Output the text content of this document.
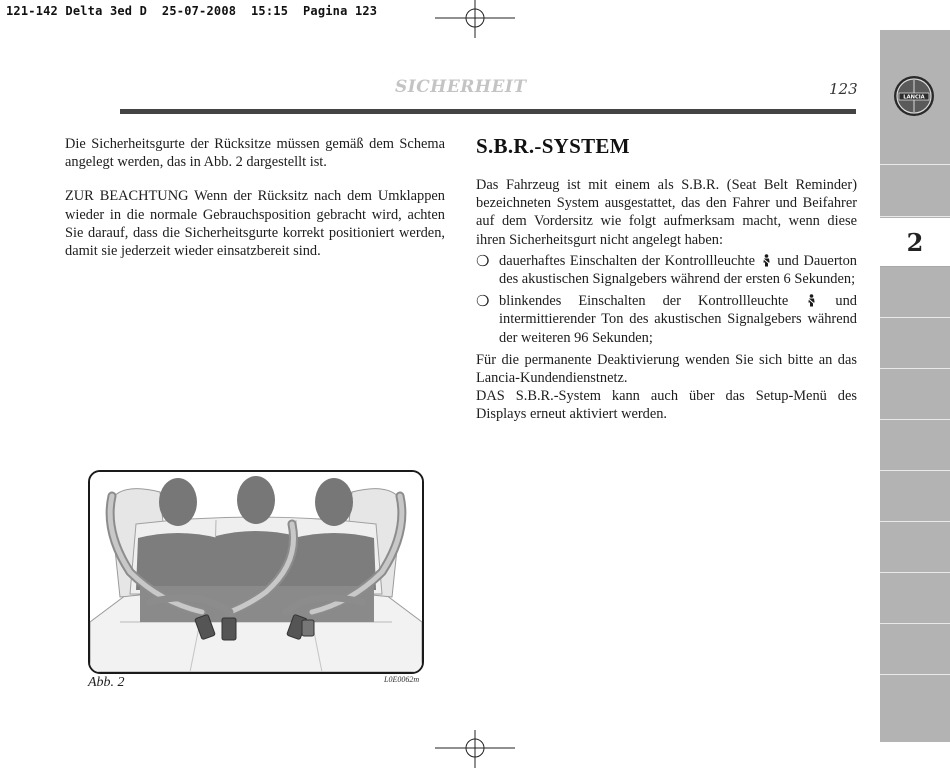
121-142 Delta 3ed D  25-07-2008  15:15  Pagina 123
2
LANCIA
SICHERHEIT	123

Die Sicherheitsgurte der Rücksitze müssen gemäß dem Schema angelegt werden, das in Abb. 2 dargestellt ist.

ZUR BEACHTUNG Wenn der Rücksitz nach dem Umklappen wieder in die normale Gebrauchsposition gebracht wird, achten Sie darauf, dass die Sicherheitsgurte korrekt positioniert werden, damit sie jederzeit wieder einsatzbereit sind.

S.B.R.-SYSTEM

Das Fahrzeug ist mit einem als S.B.R. (Seat Belt Reminder) bezeichneten System ausgestattet, das den Fahrer und Beifahrer auf dem Vordersitz wie folgt aufmerksam macht, wenn diese ihren Sicherheitsgurt nicht angelegt haben:

❍ dauerhaftes Einschalten der Kontrollleuchte und Dauerton des akustischen Signalgebers während der ersten 6 Sekunden;
❍ blinkendes Einschalten der Kontrollleuchte	und intermittierender Ton des akustischen Signalgebers während der weiteren 96 Sekunden;

Für die permanente Deaktivierung wenden Sie sich bitte an das Lancia-Kundendienstnetz.

DAS S.B.R.-System kann auch über das Setup-Menü des Displays erneut aktiviert werden.

Abb. 2	L0E0062m
